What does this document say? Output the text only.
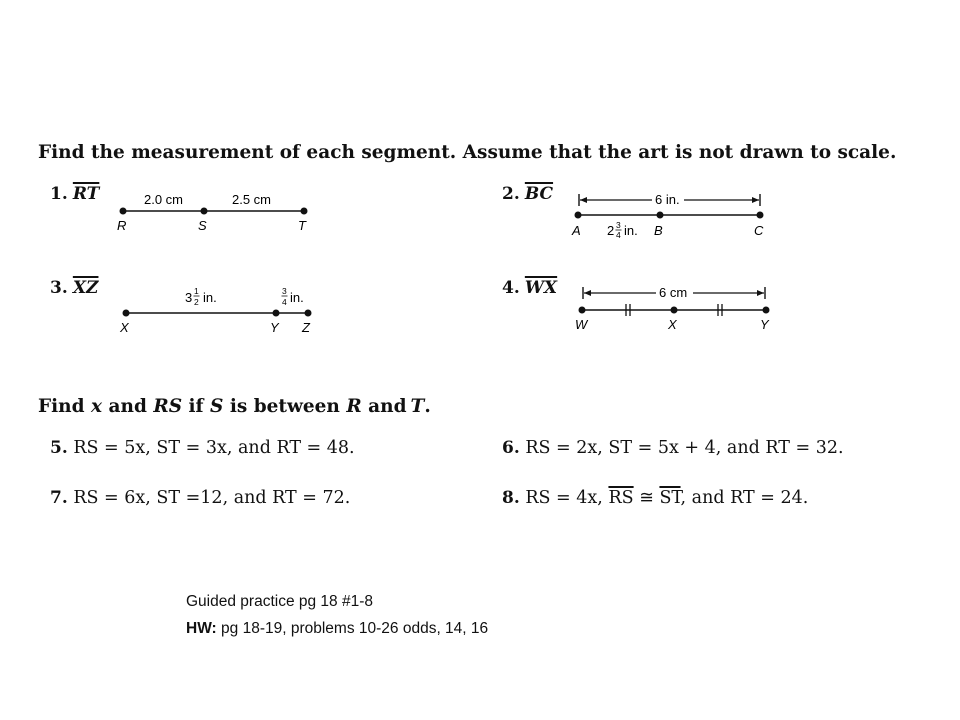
Find the measurement of each segment. Assume that the art is not drawn to scale.
1. $\overline{RT}$	2.0 cm	2.5 cm
R	S	T
2. $\overline{BC}$	6 in.
A	B	C
2 3
4 in.
3. $\overline{XZ}$	3 1
2 in.	3
4 in.
X	Y Z
4. $\overline{WX}$	6 cm
W	X	Y
Find x and RS if S is between R and T.
5. RS = 5x, ST = 3x, and RT = 48.	6. RS = 2x, ST = 5x + 4, and RT = 32.
7. RS = 6x, ST =12, and RT = 72.	8. RS = 4x, $\overline{RS}$ ≅ $\overline{ST}$, and RT = 24.
Guided practice pg 18 #1-8
HW: pg 18-19, problems 10-26 odds, 14, 16
